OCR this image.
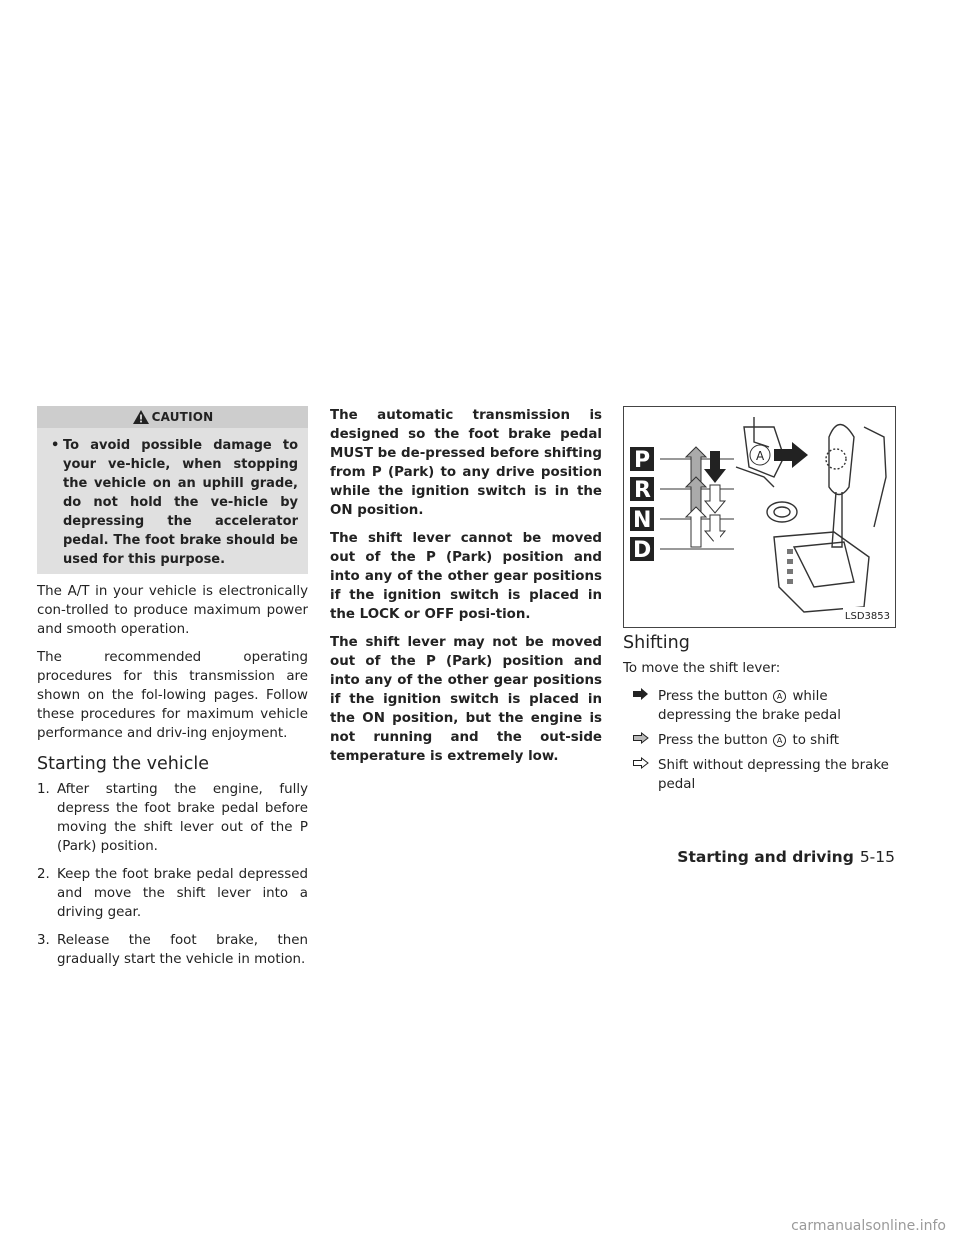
CAUTION
• To avoid possible damage to your ve-hicle, when stopping the vehicle on an uphill grade, do not hold the ve-hicle by depressing the accelerator pedal. The foot brake should be used for this purpose.

The A/T in your vehicle is electronically con-trolled to produce maximum power and smooth operation.

The recommended operating procedures for this transmission are shown on the fol-lowing pages. Follow these procedures for maximum vehicle performance and driv-ing enjoyment.

Starting the vehicle
1. After starting the engine, fully depress the foot brake pedal before moving the shift lever out of the P (Park) position.
2. Keep the foot brake pedal depressed and move the shift lever into a driving gear.
3. Release the foot brake, then gradually start the vehicle in motion.

The automatic transmission is designed so the foot brake pedal MUST be de-pressed before shifting from P (Park) to any drive position while the ignition switch is in the ON position.

The shift lever cannot be moved out of the P (Park) position and into any of the other gear positions if the ignition switch is placed in the LOCK or OFF posi-tion.

The shift lever may not be moved out of the P (Park) position and into any of the other gear positions if the ignition switch is placed in the ON position, but the engine is not running and the out-side temperature is extremely low.

P
R
N
D
A
LSD3853
Shifting

To move the shift lever:

Press the button A while depressing the brake pedal
Press the button A to shift
Shift without depressing the brake pedal
Starting and driving 5-15
carmanualsonline.info
